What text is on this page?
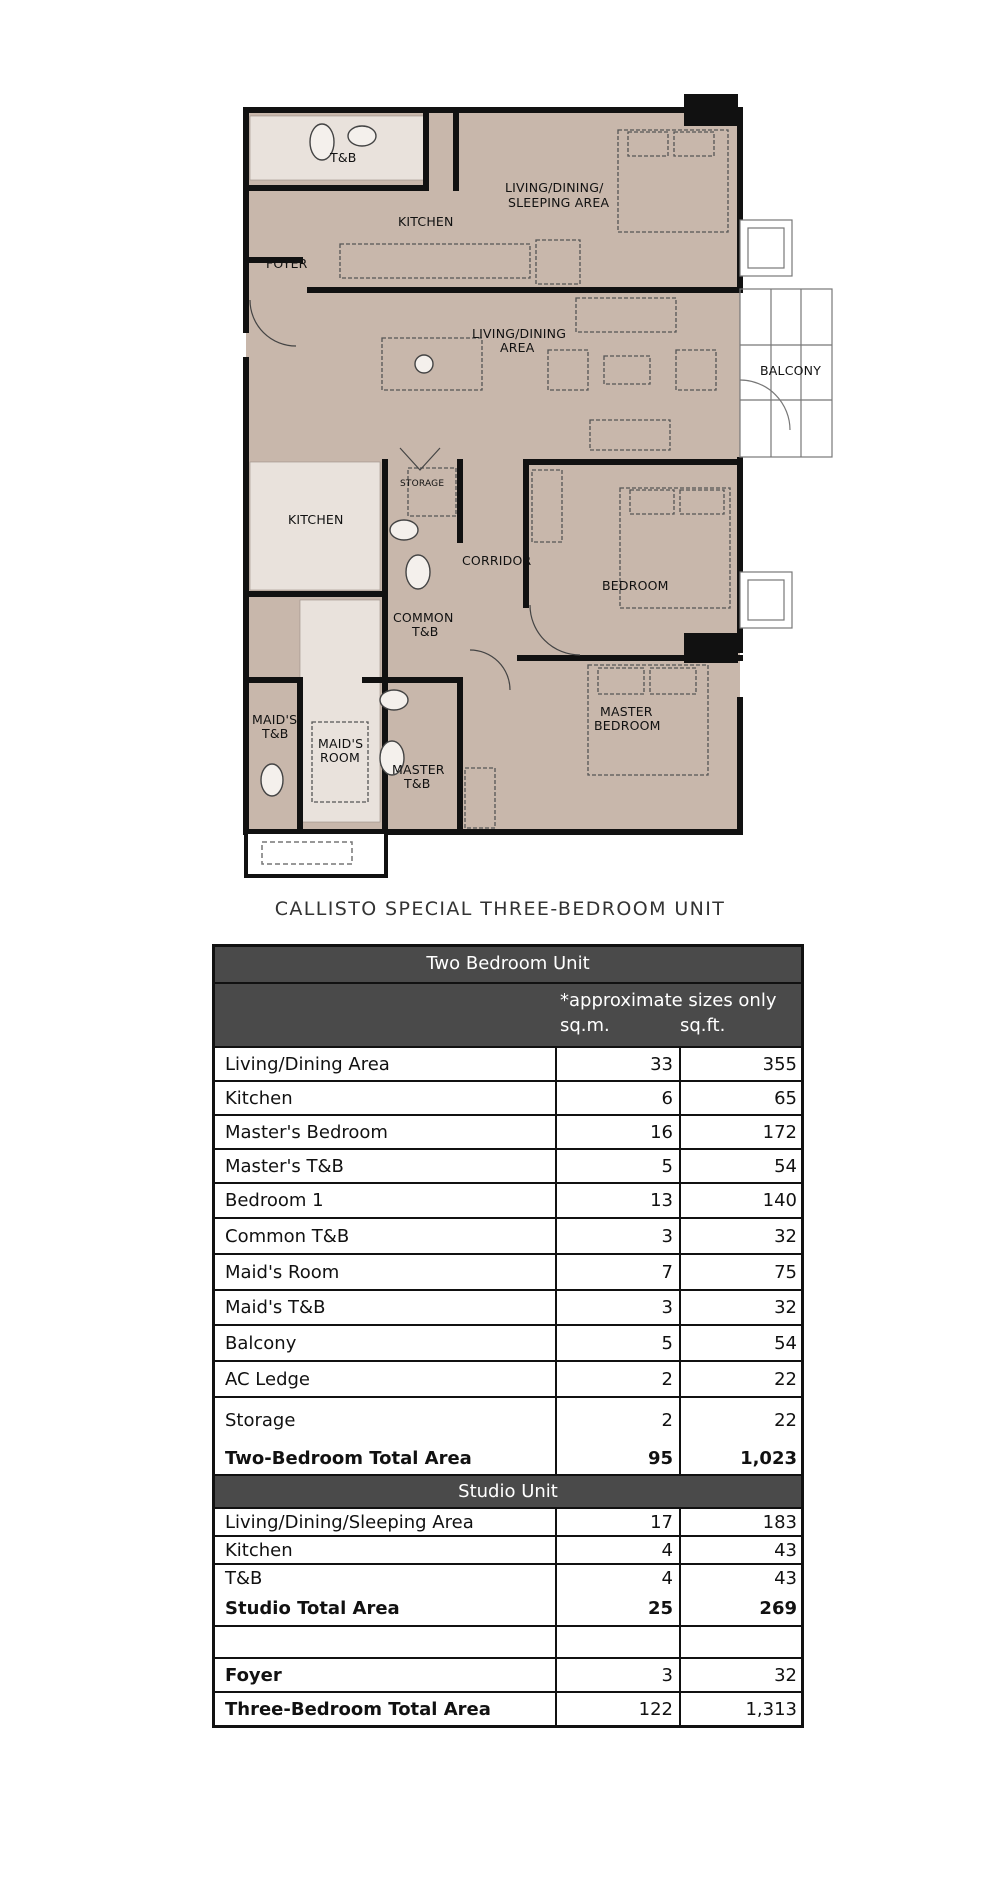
T&B
LIVING/DINING/
SLEEPING AREA
KITCHEN
FOYER
LIVING/DINING
AREA
BALCONY
STORAGE
KITCHEN
CORRIDOR
BEDROOM
COMMON
T&B
MAID'S
T&B
MAID'S
ROOM
MASTER
T&B
MASTER
BEDROOM
CALLISTO SPECIAL THREE-BEDROOM UNIT
Two Bedroom Unit
*approximate sizes only
sq.m.	sq.ft.
Living/Dining Area	33	355
Kitchen	6	65
Master's Bedroom	16	172
Master's T&B	5	54
Bedroom 1	13	140
Common T&B	3	32
Maid's Room	7	75
Maid's T&B	3	32
Balcony	5	54
AC Ledge	2	22
Storage	2	22
Two-Bedroom Total Area	95	1,023
Studio Unit
Living/Dining/Sleeping Area	17	183
Kitchen	4	43
T&B	4	43
Studio Total Area	25	269
Foyer	3	32
Three-Bedroom Total Area	122	1,313
